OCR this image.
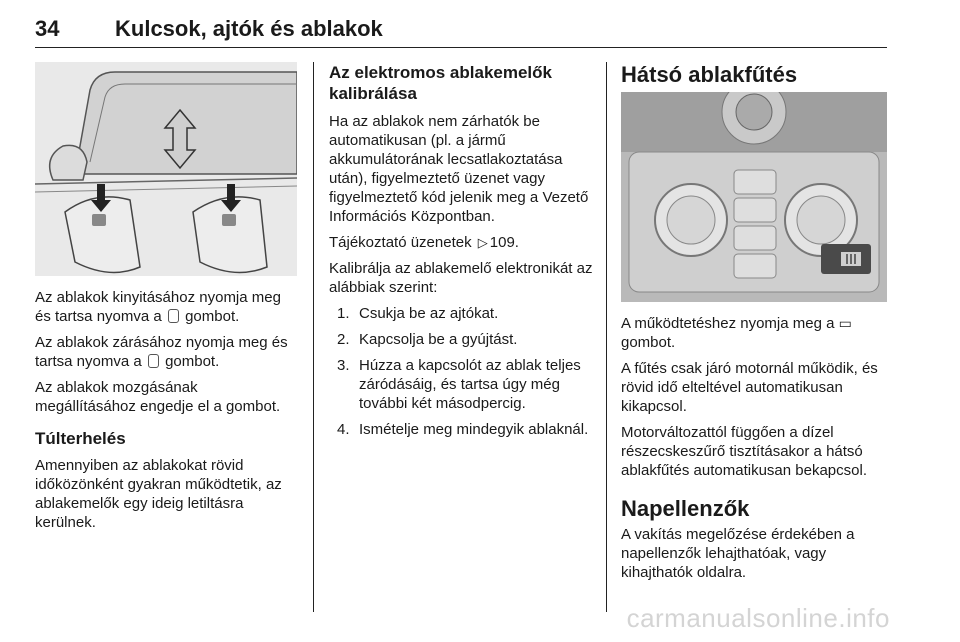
34	Kulcsok, ajtók és ablakok

Az ablakok kinyitásához nyomja meg és tartsa nyomva a gombot.

Az ablakok zárásához nyomja meg és tartsa nyomva a gombot.

Az ablakok mozgásának megállításához engedje el a gombot.

Túlterhelés

Amennyiben az ablakokat rövid időközönként gyakran működtetik, az ablakemelők egy ideig letiltásra kerülnek.

Az elektromos ablakemelők kalibrálása

Ha az ablakok nem zárhatók be automatikusan (pl. a jármű akkumulátorának lecsatlakoztatása után), figyelmeztető üzenet vagy figyelmeztető kód jelenik meg a Vezető Információs Központban.

Tájékoztató üzenetek ▷ 109.

Kalibrálja az ablakemelő elektronikát az alábbiak szerint:

1. Csukja be az ajtókat.
2. Kapcsolja be a gyújtást.
3. Húzza a kapcsolót az ablak teljes záródásáig, és tartsa úgy még további két másodpercig.
4. Ismételje meg mindegyik ablaknál.
Hátsó ablakfűtés

A működtetéshez nyomja meg a ▭ gombot.

A fűtés csak járó motornál működik, és rövid idő elteltével automatikusan kikapcsol.

Motorváltozattól függően a dízel részecskeszűrő tisztításakor a hátsó ablakfűtés automatikusan bekapcsol.

Napellenzők

A vakítás megelőzése érdekében a napellenzők lehajthatóak, vagy kihajthatók oldalra.

carmanualsonline.info
